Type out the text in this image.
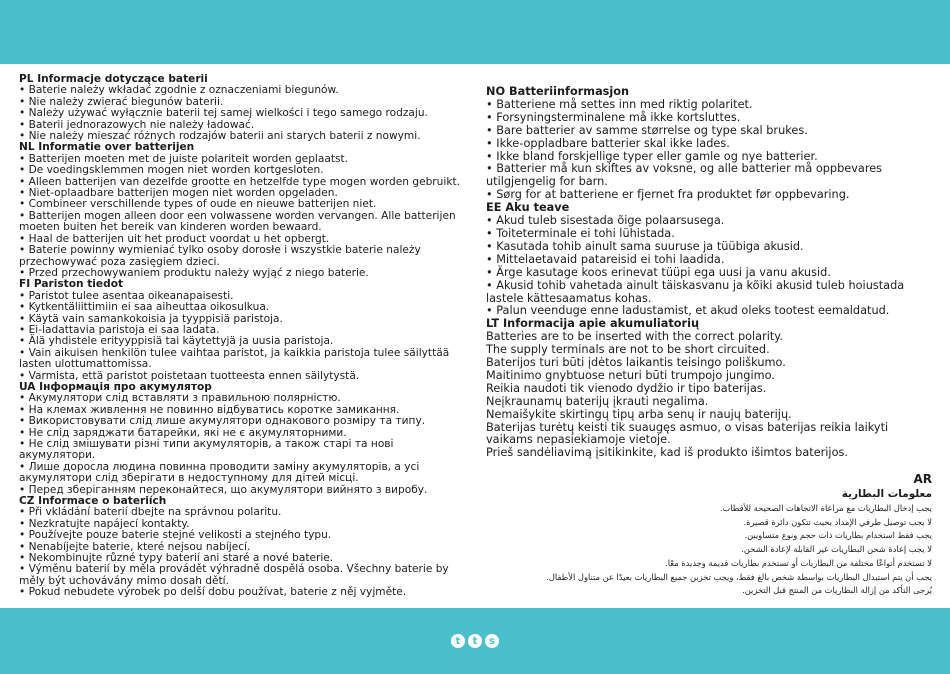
PL Informacje dotyczące baterii
• Baterie należy wkładać zgodnie z oznaczeniami biegunów.
• Nie należy zwierać biegunów baterii.
• Należy używać wyłącznie baterii tej samej wielkości i tego samego rodzaju.
• Baterii jednorazowych nie należy ładować.
• Nie należy mieszać różnych rodzajów baterii ani starych baterii z nowymi.
NL Informatie over batterijen
• Batterijen moeten met de juiste polariteit worden geplaatst.
• De voedingsklemmen mogen niet worden kortgesloten.
• Alleen batterijen van dezelfde grootte en hetzelfde type mogen worden gebruikt.
• Niet-oplaadbare batterijen mogen niet worden opgeladen.
• Combineer verschillende types of oude en nieuwe batterijen niet.
• Batterijen mogen alleen door een volwassene worden vervangen. Alle batterijen moeten buiten het bereik van kinderen worden bewaard.
• Haal de batterijen uit het product voordat u het opbergt.
• Baterie powinny wymieniać tylko osoby dorosłe i wszystkie baterie należy przechowywać poza zasięgiem dzieci.
• Przed przechowywaniem produktu należy wyjąć z niego baterie.
FI Pariston tiedot
• Paristot tulee asentaa oikeanapaisesti.
• Kytkentäliittimiin ei saa aiheuttaa oikosulkua.
• Käytä vain samankokoisia ja tyyppisiä paristoja.
• Ei-ladattavia paristoja ei saa ladata.
• Älä yhdistele erityyppisiä tai käytettyjä ja uusia paristoja.
• Vain aikuisen henkilön tulee vaihtaa paristot, ja kaikkia paristoja tulee säilyttää lasten ulottumattomissa.
• Varmista, että paristot poistetaan tuotteesta ennen säilytystä.
UA Інформація про акумулятор
• Акумулятори слід вставляти з правильною полярністю.
• На клемах живлення не повинно відбуватись коротке замикання.
• Використовувати слід лише акумулятори однакового розміру та типу.
• Не слід заряджати батарейки, які не є акумуляторними.
• Не слід змішувати різні типи акумуляторів, а також старі та нові акумулятори.
• Лише доросла людина повинна проводити заміну акумуляторів, а усі акумулятори слід зберігати в недоступному для дітей місці.
• Перед зберіганням переконайтеся, що акумулятори вийнято з виробу.
CZ Informace o bateriích
• Při vkládání baterií dbejte na správnou polaritu.
• Nezkratujte napájecí kontakty.
• Používejte pouze baterie stejné velikosti a stejného typu.
• Nenabíjejte baterie, které nejsou nabíjecí.
• Nekombinujte různé typy baterií ani staré a nové baterie.
• Výměnu baterií by měla provádět výhradně dospělá osoba. Všechny baterie by měly být uchovávány mimo dosah dětí.
• Pokud nebudete výrobek po delší dobu používat, baterie z něj vyjměte.
NO Batteriinformasjon
• Batteriene må settes inn med riktig polaritet.
• Forsyningsterminalene må ikke kortsluttes.
• Bare batterier av samme størrelse og type skal brukes.
• Ikke-oppladbare batterier skal ikke lades.
• Ikke bland forskjellige typer eller gamle og nye batterier.
• Batterier må kun skiftes av voksne, og alle batterier må oppbevares utilgjengelig for barn.
• Sørg for at batteriene er fjernet fra produktet før oppbevaring.
EE Aku teave
• Akud tuleb sisestada õige polaarsusega.
• Toiteterminale ei tohi lühistada.
• Kasutada tohib ainult sama suuruse ja tüübiga akusid.
• Mittelaetavaid patareisid ei tohi laadida.
• Ärge kasutage koos erinevat tüüpi ega uusi ja vanu akusid.
• Akusid tohib vahetada ainult täiskasvanu ja kõiki akusid tuleb hoiustada lastele kättesaamatus kohas.
• Palun veenduge enne ladustamist, et akud oleks tootest eemaldatud.
LT Informacija apie akumuliatorių
Batteries are to be inserted with the correct polarity.
The supply terminals are not to be short circuited.
Baterijos turi būti įdėtos laikantis teisingo poliškumo.
Maitinimo gnybtuose neturi būti trumpojo jungimo.
Reikia naudoti tik vienodo dydžio ir tipo baterijas.
Neįkraunamų baterijų įkrauti negalima.
Nemaišykite skirtingų tipų arba senų ir naujų baterijų.
Baterijas turėtų keisti tik suaugęs asmuo, o visas baterijas reikia laikyti vaikams nepasiekiamoje vietoje.
Prieš sandėliavimą įsitikinkite, kad iš produkto išimtos baterijos.
AR
معلومات البطارية
يجب إدخال البطاريات مع مراعاة الاتجاهات الصحيحة للأقطاب.
لا يجب توصيل طرفي الإمداد بحيث تتكون دائرة قصيرة.
يجب فقط استخدام بطاريات ذات حجم ونوع متساويين.
لا يجب إعادة شحن البطاريات غير القابلة لإعادة الشحن.
لا تستخدم أنواعًا مختلفة من البطاريات أو تستخدم بطاريات قديمة وجديدة معًا.
يجب أن يتم استبدال البطاريات بواسطة شخص بالغ فقط، ويجب تخزين جميع البطاريات بعيدًا عن متناول الأطفال.
يُرجى التأكد من إزالة البطاريات من المنتج قبل التخزين.
t	t	s
